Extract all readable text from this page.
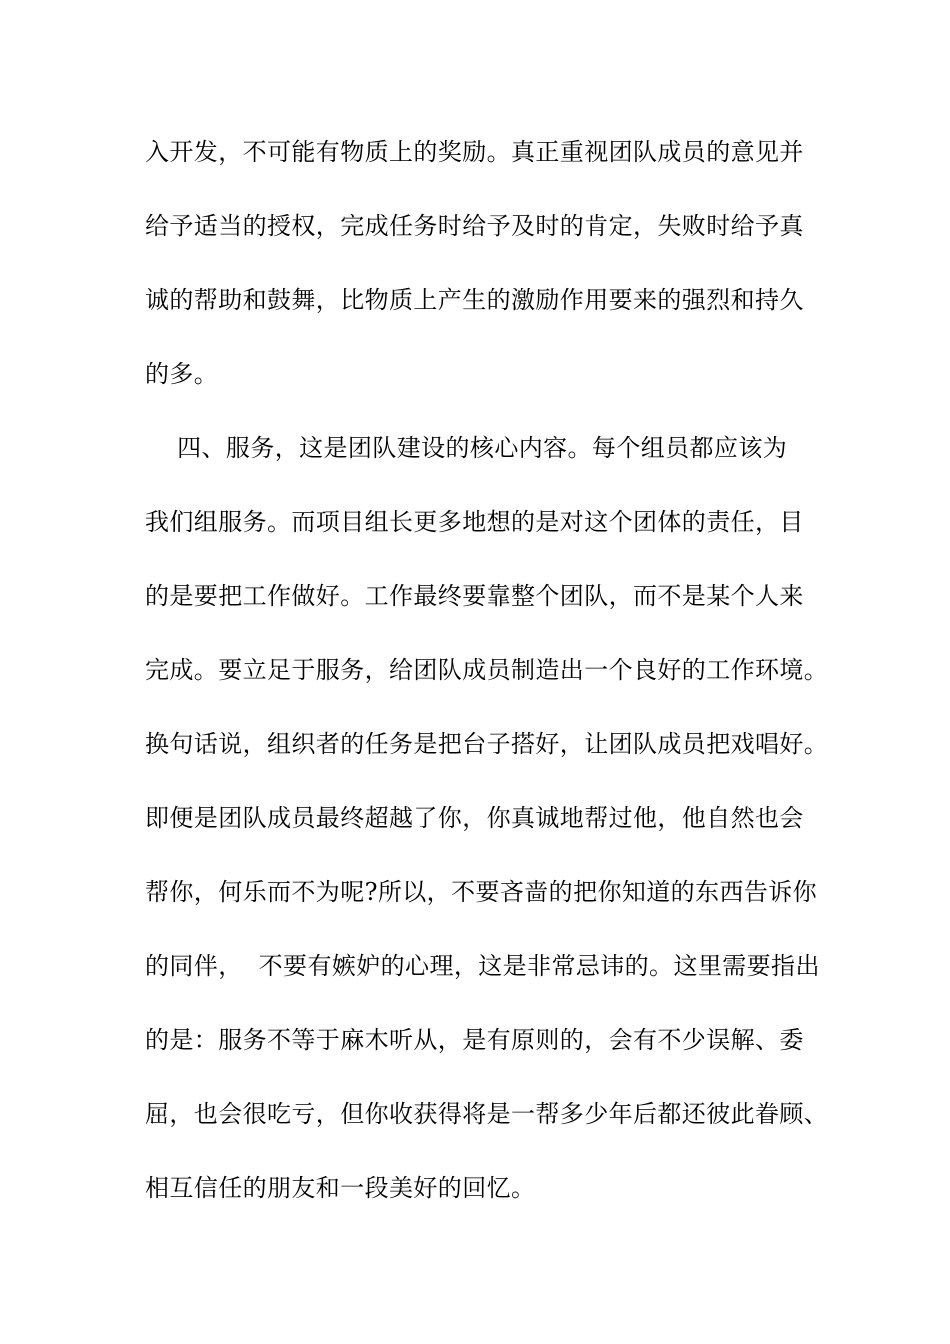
入开发，不可能有物质上的奖励。真正重视团队成员的意见并
给予适当的授权，完成任务时给予及时的肯定，失败时给予真
诚的帮助和鼓舞，比物质上产生的激励作用要来的强烈和持久
的多。
四、服务，这是团队建设的核心内容。每个组员都应该为
我们组服务。而项目组长更多地想的是对这个团体的责任，目
的是要把工作做好。工作最终要靠整个团队，而不是某个人来
完成。要立足于服务，给团队成员制造出一个良好的工作环境。
换句话说，组织者的任务是把台子搭好，让团队成员把戏唱好。
即便是团队成员最终超越了你，你真诚地帮过他，他自然也会
帮你，何乐而不为呢?所以，不要吝啬的把你知道的东西告诉你
的同伴，  不要有嫉妒的心理，这是非常忌讳的。这里需要指出
的是：服务不等于麻木听从，是有原则的，会有不少误解、委
屈，也会很吃亏，但你收获得将是一帮多少年后都还彼此眷顾、
相互信任的朋友和一段美好的回忆。
